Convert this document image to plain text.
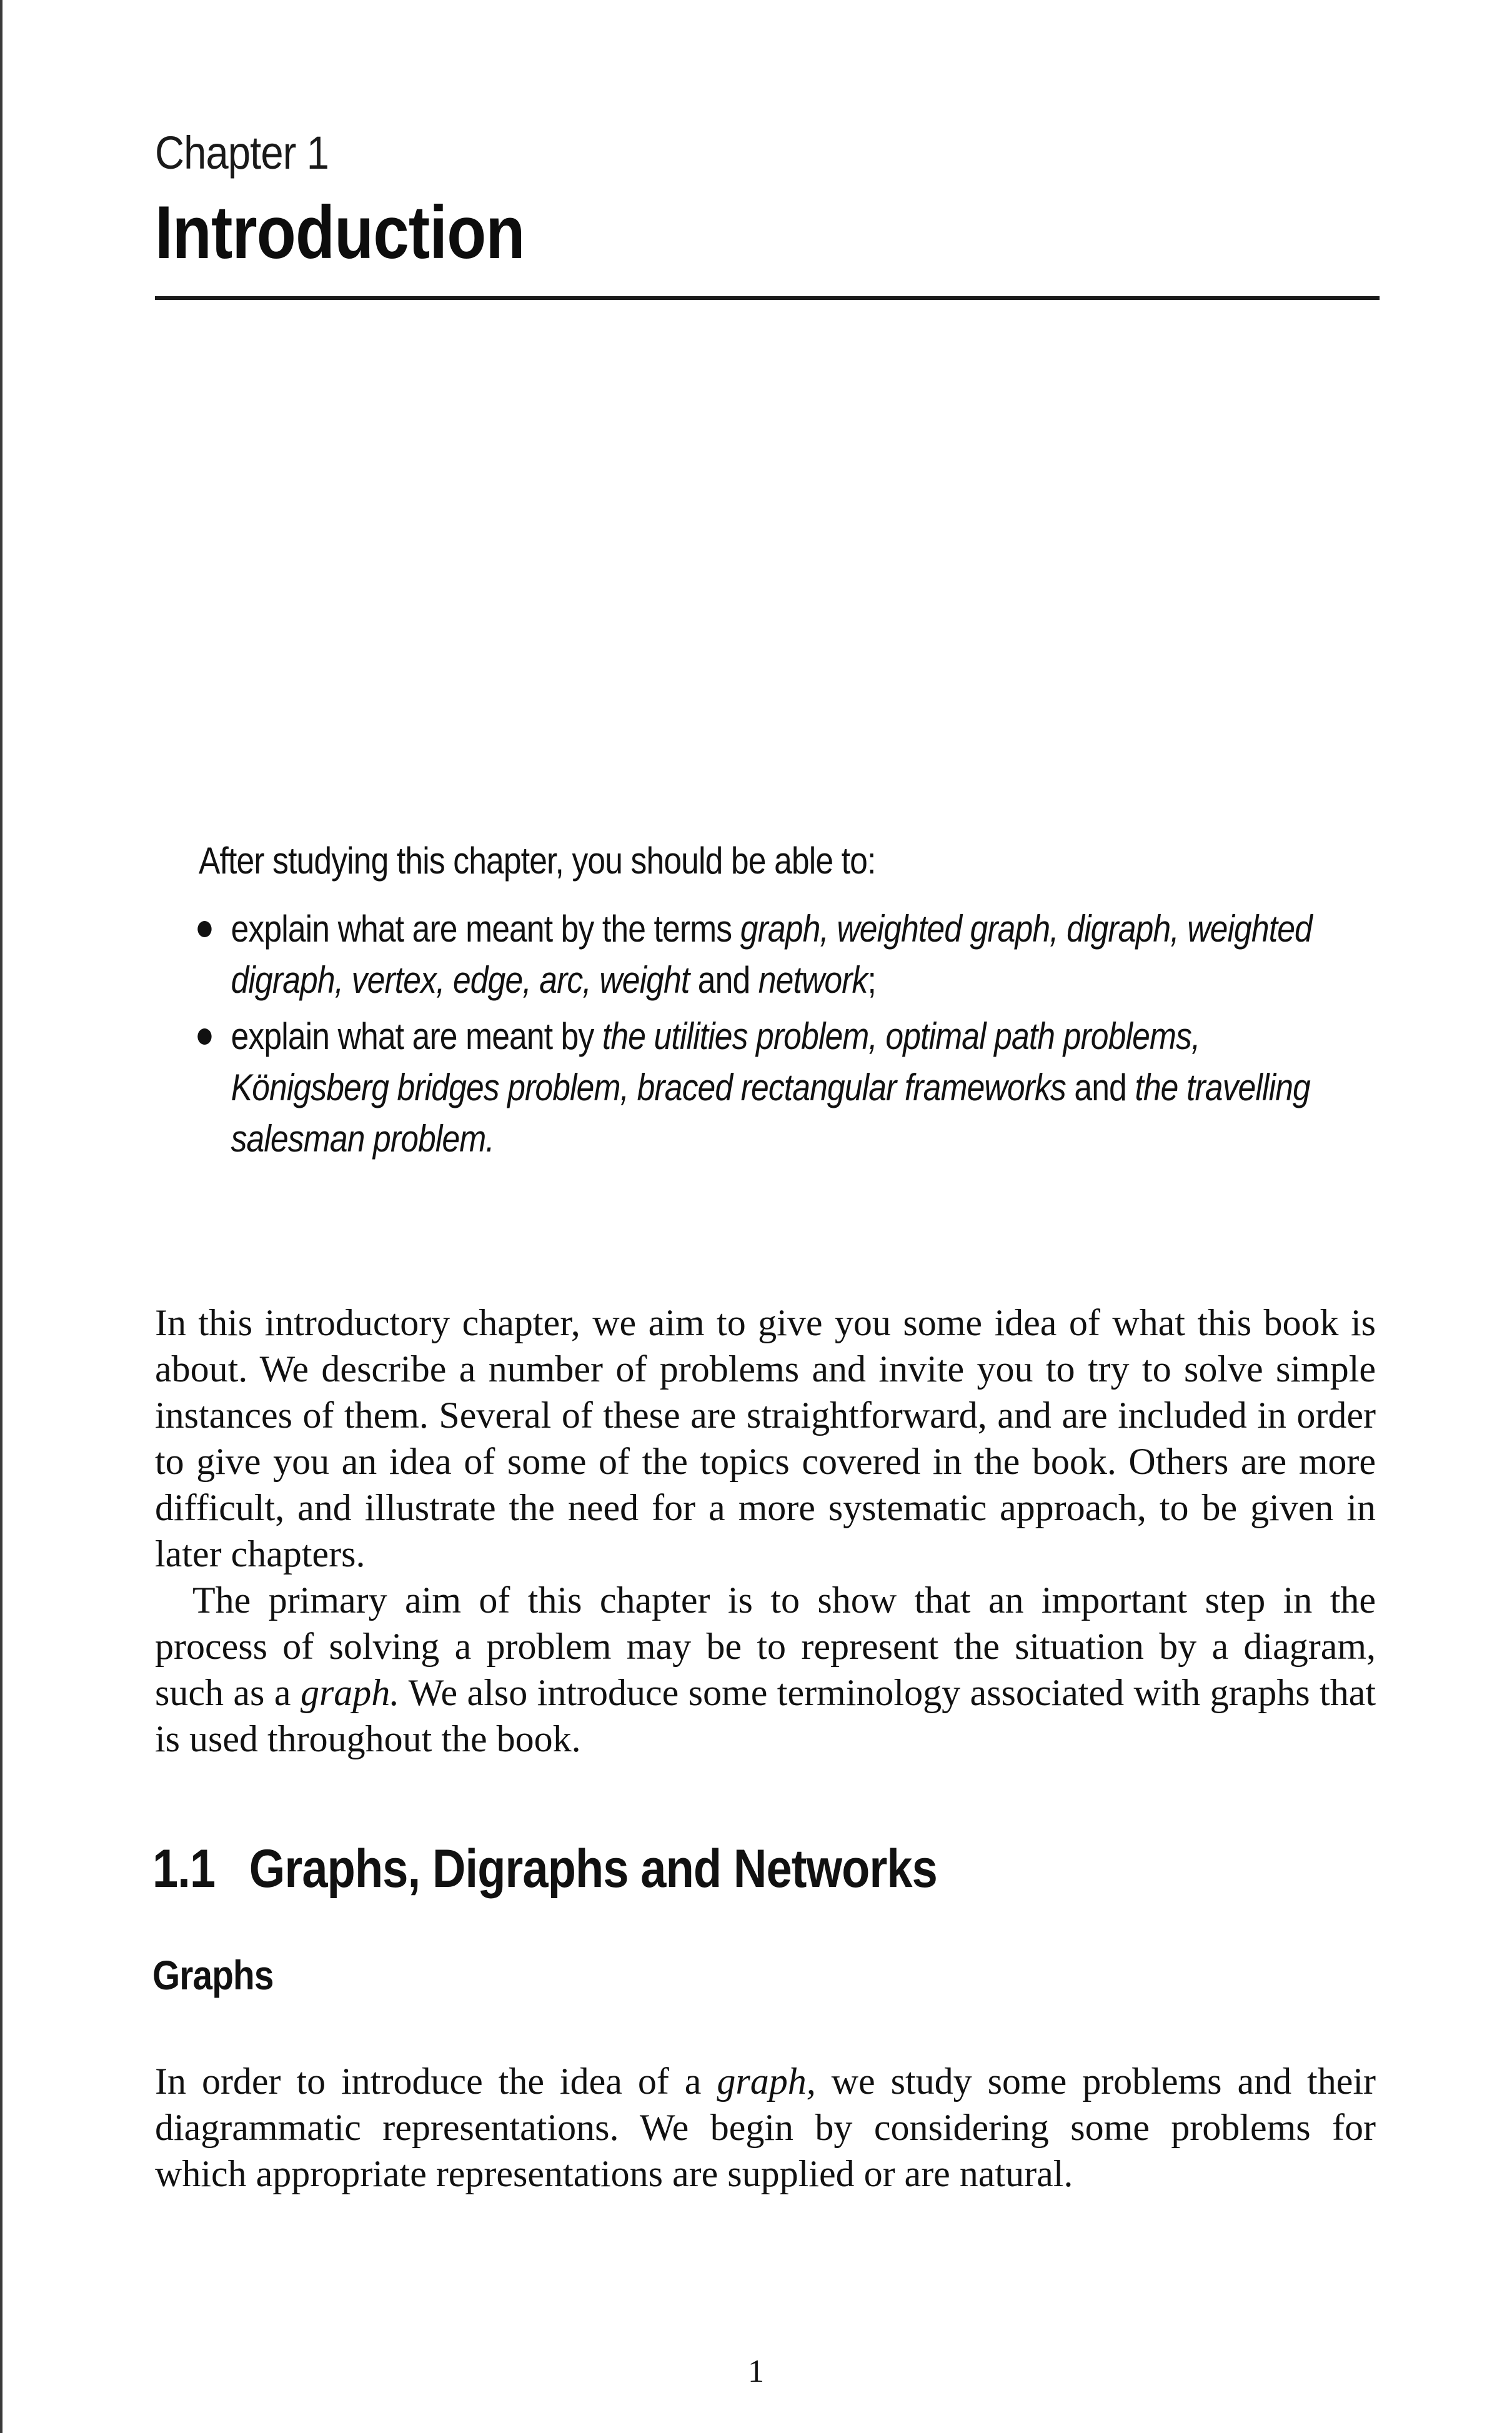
Chapter 1
Introduction

After studying this chapter, you should be able to:

explain what are meant by the terms graph, weighted graph, digraph, weighted digraph, vertex, edge, arc, weight and network;
explain what are meant by the utilities problem, optimal path problems, Königsberg bridges problem, braced rectangular frameworks and the travelling salesman problem.

In this introductory chapter, we aim to give you some idea of what this book is about. We describe a number of problems and invite you to try to solve simple instances of them. Several of these are straightforward, and are included in order to give you an idea of some of the topics covered in the book. Others are more difficult, and illustrate the need for a more systematic approach, to be given in later chapters.

The primary aim of this chapter is to show that an important step in the process of solving a problem may be to represent the situation by a diagram, such as a graph. We also introduce some terminology associated with graphs that is used throughout the book.

1.1 Graphs, Digraphs and Networks
Graphs

In order to introduce the idea of a graph, we study some problems and their diagrammatic representations. We begin by considering some problems for which appropriate representations are supplied or are natural.

1
